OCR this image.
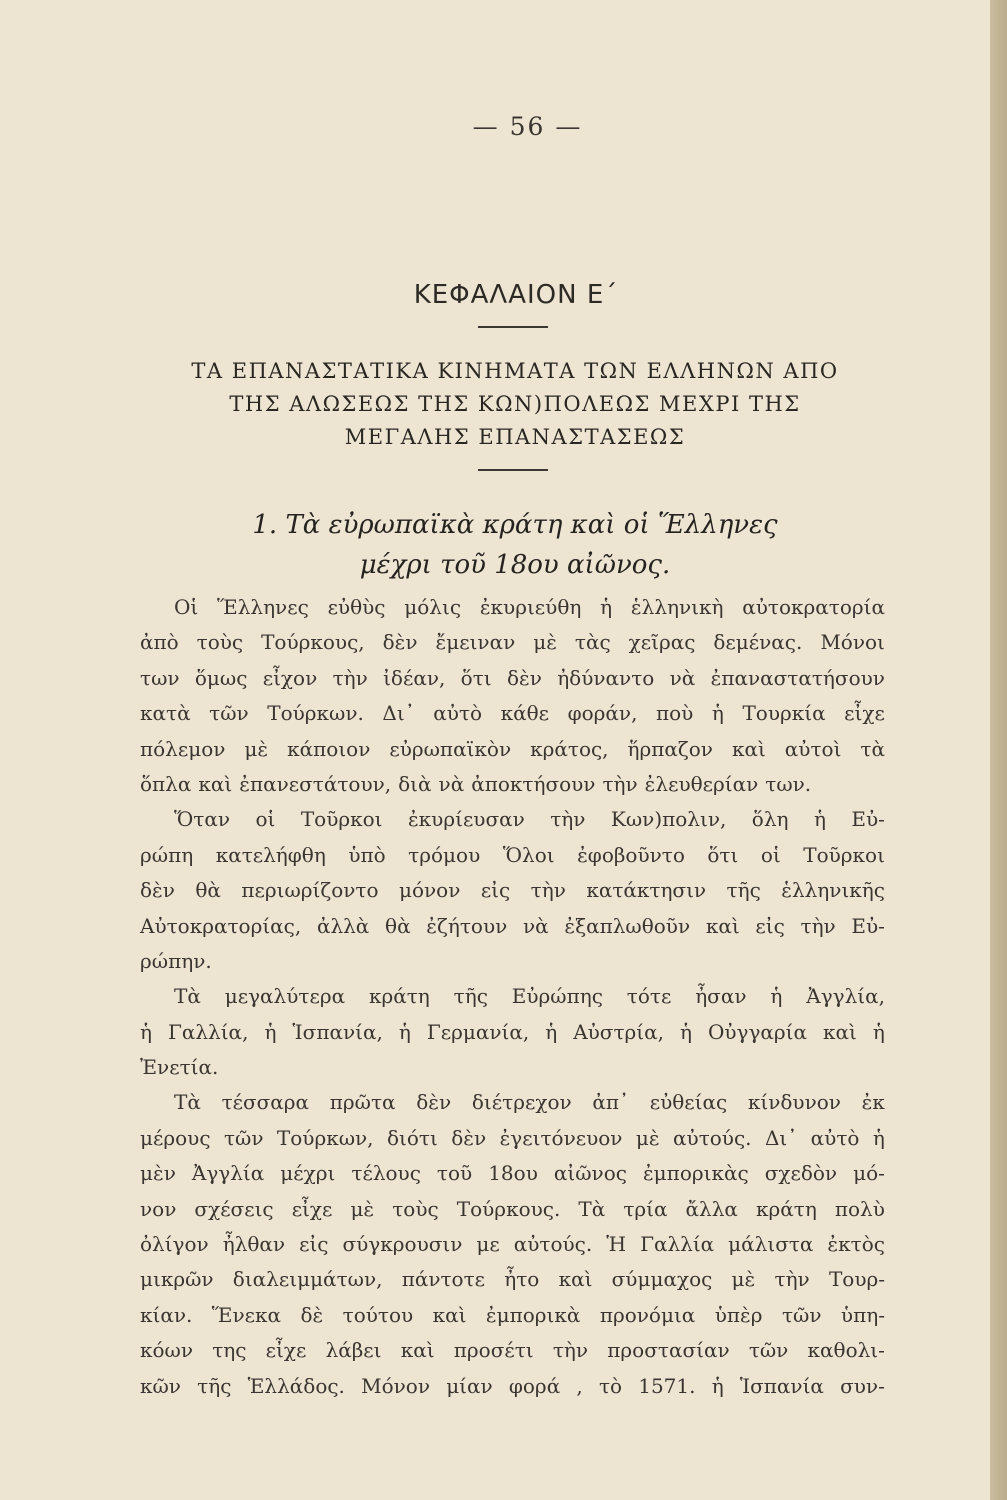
— 56 —
ΚΕΦΑΛΑΙΟΝ Ε΄
ΤΑ ΕΠΑΝΑΣΤΑΤΙΚΑ ΚΙΝΗΜΑΤΑ ΤΩΝ ΕΛΛΗΝΩΝ ΑΠΟ
ΤΗΣ ΑΛΩΣΕΩΣ ΤΗΣ ΚΩΝ)ΠΟΛΕΩΣ ΜΕΧΡΙ ΤΗΣ
ΜΕΓΑΛΗΣ ΕΠΑΝΑΣΤΑΣΕΩΣ
1. Τὰ εὐρωπαϊκὰ κράτη καὶ οἱ Ἕλληνες
μέχρι τοῦ 18ου αἰῶνος.
Οἱ Ἕλληνες εὐθὺς μόλις ἐκυριεύθη ἡ ἑλληνικὴ αὐτοκρατορία
ἀπὸ τοὺς Τούρκους, δὲν ἔμειναν μὲ τὰς χεῖρας δεμένας. Μόνοι
των ὅμως εἶχον τὴν ἰδέαν, ὅτι δὲν ἠδύναντο νὰ ἐπαναστατήσουν
κατὰ τῶν Τούρκων. Δι᾽ αὐτὸ κάθε φοράν, ποὺ ἡ Τουρκία εἶχε
πόλεμον μὲ κάποιον εὐρωπαϊκὸν κράτος, ἥρπαζον καὶ αὐτοὶ τὰ
ὅπλα καὶ ἐπανεστάτουν, διὰ νὰ ἀποκτήσουν τὴν ἐλευθερίαν των.
Ὅταν οἱ Τοῦρκοι ἐκυρίευσαν τὴν Κων)πολιν, ὅλη ἡ Εὐ-
ρώπη κατελήφθη ὑπὸ τρόμου Ὅλοι ἐφοβοῦντο ὅτι οἱ Τοῦρκοι
δὲν θὰ περιωρίζοντο μόνον εἰς τὴν κατάκτησιν τῆς ἑλληνικῆς
Αὐτοκρατορίας, ἀλλὰ θὰ ἐζήτουν νὰ ἐξαπλωθοῦν καὶ εἰς τὴν Εὐ-
ρώπην.
Τὰ μεγαλύτερα κράτη τῆς Εὐρώπης τότε ἦσαν ἡ Ἀγγλία,
ἡ Γαλλία, ἡ Ἱσπανία, ἡ Γερμανία, ἡ Αὐστρία, ἡ Οὐγγαρία καὶ ἡ
Ἐνετία.
Τὰ τέσσαρα πρῶτα δὲν διέτρεχον ἀπ᾽ εὐθείας κίνδυνον ἐκ
μέρους τῶν Τούρκων, διότι δὲν ἐγειτόνευον μὲ αὐτούς. Δι᾽ αὐτὸ ἡ
μὲν Ἀγγλία μέχρι τέλους τοῦ 18ου αἰῶνος ἐμπορικὰς σχεδὸν μό-
νον σχέσεις εἶχε μὲ τοὺς Τούρκους. Τὰ τρία ἄλλα κράτη πολὺ
ὀλίγον ἦλθαν εἰς σύγκρουσιν με αὐτούς. Ἡ Γαλλία μάλιστα ἐκτὸς
μικρῶν διαλειμμάτων, πάντοτε ἦτο καὶ σύμμαχος μὲ τὴν Τουρ-
κίαν. Ἕνεκα δὲ τούτου καὶ ἐμπορικὰ προνόμια ὑπὲρ τῶν ὑπη-
κόων της εἶχε λάβει καὶ προσέτι τὴν προστασίαν τῶν καθολι-
κῶν τῆς Ἑλλάδος. Μόνον μίαν φορά , τὸ 1571. ἡ Ἱσπανία συν-
